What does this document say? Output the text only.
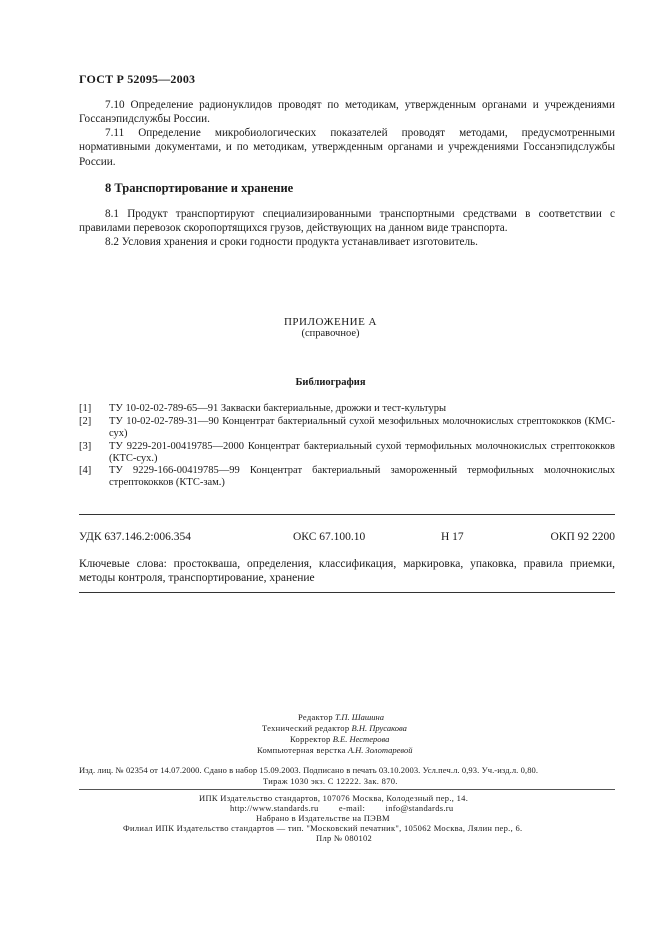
ГОСТ Р 52095—2003
7.10 Определение радионуклидов проводят по методикам, утвержденным органами и учреждениями Госсанэпидслужбы России.
7.11 Определение микробиологических показателей проводят методами, предусмотренными нормативными документами, и по методикам, утвержденным органами и учреждениями Госсанэпидслужбы России.
8 Транспортирование и хранение
8.1 Продукт транспортируют специализированными транспортными средствами в соответствии с правилами перевозок скоропортящихся грузов, действующих на данном виде транспорта.
8.2 Условия хранения и сроки годности продукта устанавливает изготовитель.
ПРИЛОЖЕНИЕ А
(справочное)
Библиография
[1]	ТУ 10-02-02-789-65—91 Закваски бактериальные, дрожжи и тест-культуры
[2]	ТУ 10-02-02-789-31—90 Концентрат бактериальный сухой мезофильных молочнокислых стрептококков (КМС-сух)
[3]	ТУ 9229-201-00419785—2000 Концентрат бактериальный сухой термофильных молочнокислых стрептококков (КТС-сух.)
[4]	ТУ 9229-166-00419785—99 Концентрат бактериальный замороженный термофильных молочнокислых стрептококков (КТС-зам.)
УДК 637.146.2:006.354	ОКС 67.100.10	Н 17	ОКП 92 2200
Ключевые слова: простокваша, определения, классификация, маркировка, упаковка, правила приемки, методы контроля, транспортирование, хранение
Редактор Т.П. Шашина
Технический редактор В.Н. Прусакова
Корректор В.Е. Нестерова
Компьютерная верстка А.Н. Золотаревой
Изд. лиц. № 02354 от 14.07.2000. Сдано в набор 15.09.2003. Подписано в печать 03.10.2003. Усл.печ.л. 0,93. Уч.-изд.л. 0,80.
Тираж 1030 экз. С 12222. Зак. 870.
ИПК Издательство стандартов, 107076 Москва, Колодезный пер., 14.
http://www.standards.ru e-mail: info@standards.ru
Набрано в Издательстве на ПЭВМ
Филиал ИПК Издательство стандартов — тип. "Московский печатник", 105062 Москва, Лялин пер., 6.
Плр № 080102
